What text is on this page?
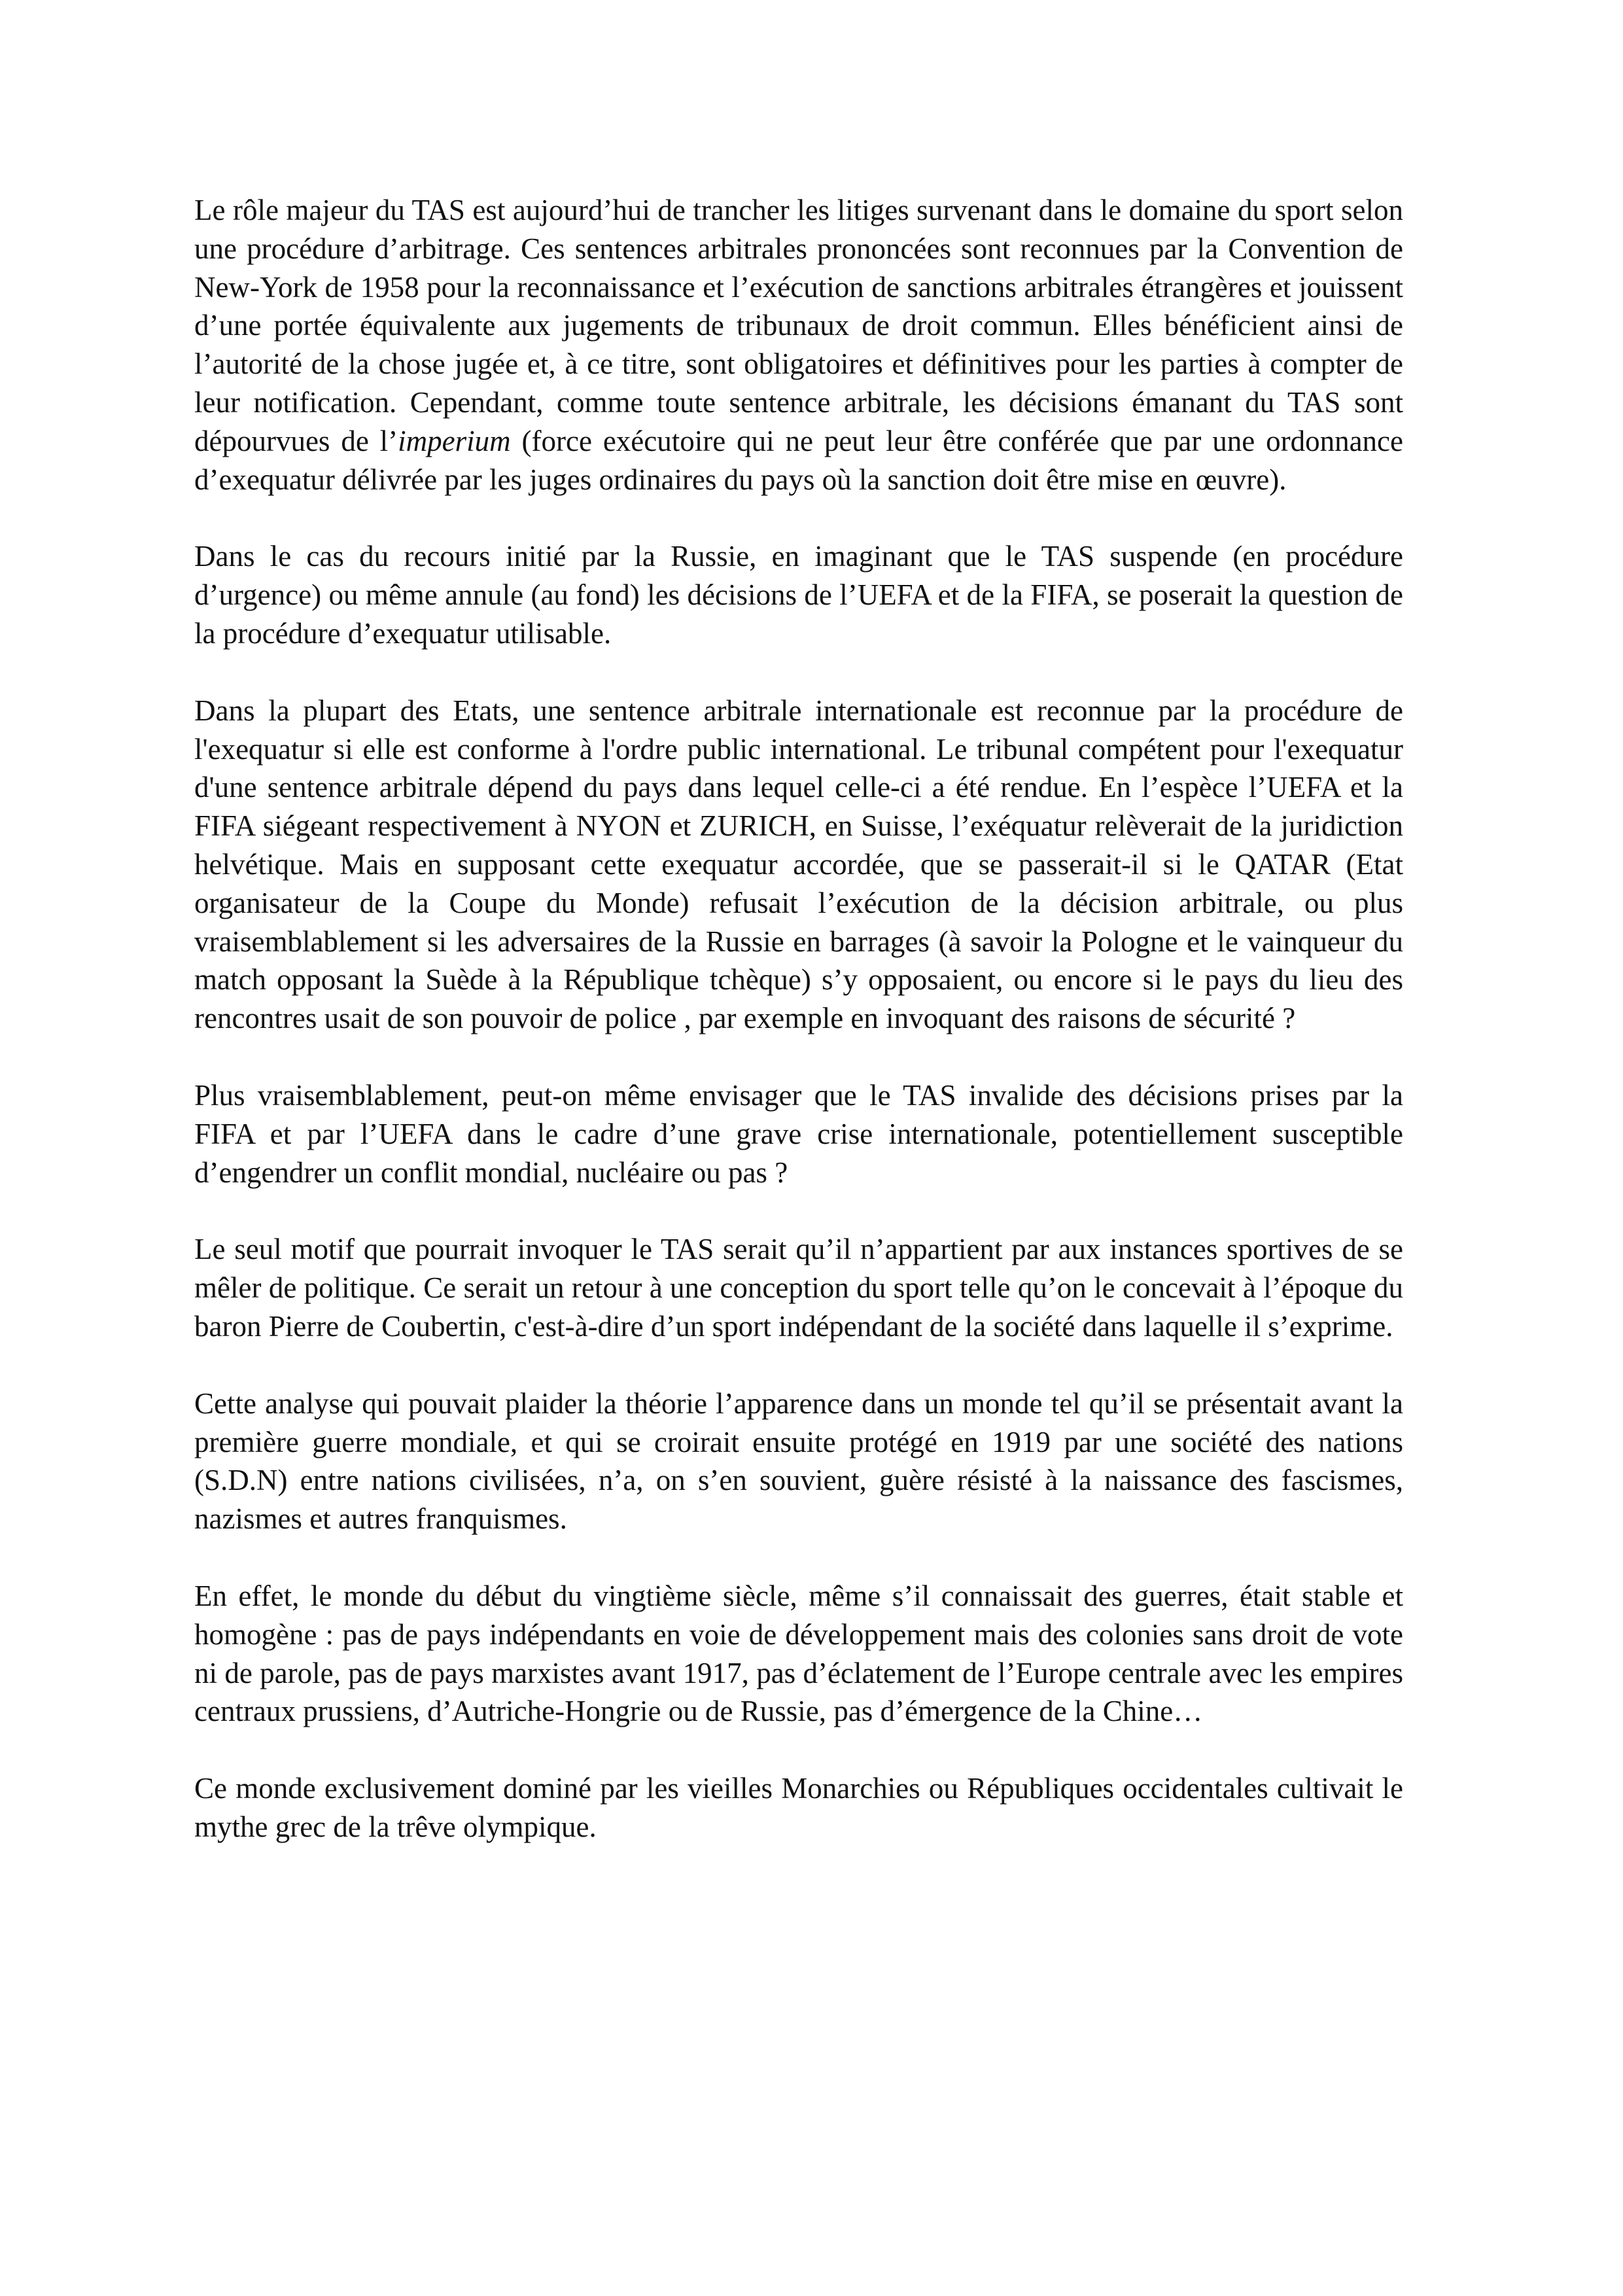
Le rôle majeur du TAS est aujourd’hui de trancher les litiges survenant dans le domaine du sport selon une procédure d’arbitrage. Ces sentences arbitrales prononcées sont reconnues par la Convention de New-York de 1958 pour la reconnaissance et l’exécution de sanctions arbitrales étrangères et jouissent d’une portée équivalente aux jugements de tribunaux de droit commun. Elles bénéficient ainsi de l’autorité de la chose jugée et, à ce titre, sont obligatoires et définitives pour les parties à compter de leur notification. Cependant, comme toute sentence arbitrale, les décisions émanant du TAS sont dépourvues de l’imperium (force exécutoire qui ne peut leur être conférée que par une ordonnance d’exequatur délivrée par les juges ordinaires du pays où la sanction doit être mise en œuvre).

Dans le cas du recours initié par la Russie, en imaginant que le TAS suspende (en procédure d’urgence) ou même annule (au fond) les décisions de l’UEFA et de la FIFA, se poserait la question de la procédure d’exequatur utilisable.

Dans la plupart des Etats, une sentence arbitrale internationale est reconnue par la procédure de l'exequatur si elle est conforme à l'ordre public international. Le tribunal compétent pour l'exequatur d'une sentence arbitrale dépend du pays dans lequel celle-ci a été rendue. En l’espèce l’UEFA et la FIFA siégeant respectivement à NYON et ZURICH, en Suisse, l’exéquatur relèverait de la juridiction helvétique. Mais en supposant cette exequatur accordée, que se passerait-il si le QATAR (Etat organisateur de la Coupe du Monde) refusait l’exécution de la décision arbitrale, ou plus vraisemblablement si les adversaires de la Russie en barrages (à savoir la Pologne et le vainqueur du match opposant la Suède à la République tchèque) s’y opposaient, ou encore si le pays du lieu des rencontres usait de son pouvoir de police , par exemple en invoquant des raisons de sécurité ?

Plus vraisemblablement, peut-on même envisager que le TAS invalide des décisions prises par la FIFA et par l’UEFA dans le cadre d’une grave crise internationale, potentiellement susceptible d’engendrer un conflit mondial, nucléaire ou pas ?

Le seul motif que pourrait invoquer le TAS serait qu’il n’appartient par aux instances sportives de se mêler de politique. Ce serait un retour à une conception du sport telle qu’on le concevait à l’époque du baron Pierre de Coubertin, c'est-à-dire d’un sport indépendant de la société dans laquelle il s’exprime.

Cette analyse qui pouvait plaider la théorie l’apparence dans un monde tel qu’il se présentait avant la première guerre mondiale, et qui se croirait ensuite protégé en 1919 par une société des nations (S.D.N) entre nations civilisées, n’a, on s’en souvient, guère résisté à la naissance des fascismes, nazismes et autres franquismes.

En effet, le monde du début du vingtième siècle, même s’il connaissait des guerres, était stable et homogène : pas de pays indépendants en voie de développement mais des colonies sans droit de vote ni de parole, pas de pays marxistes avant 1917, pas d’éclatement de l’Europe centrale avec les empires centraux prussiens, d’Autriche-Hongrie ou de Russie, pas d’émergence de la Chine…

Ce monde exclusivement dominé par les vieilles Monarchies ou Républiques occidentales cultivait le mythe grec de la trêve olympique.
